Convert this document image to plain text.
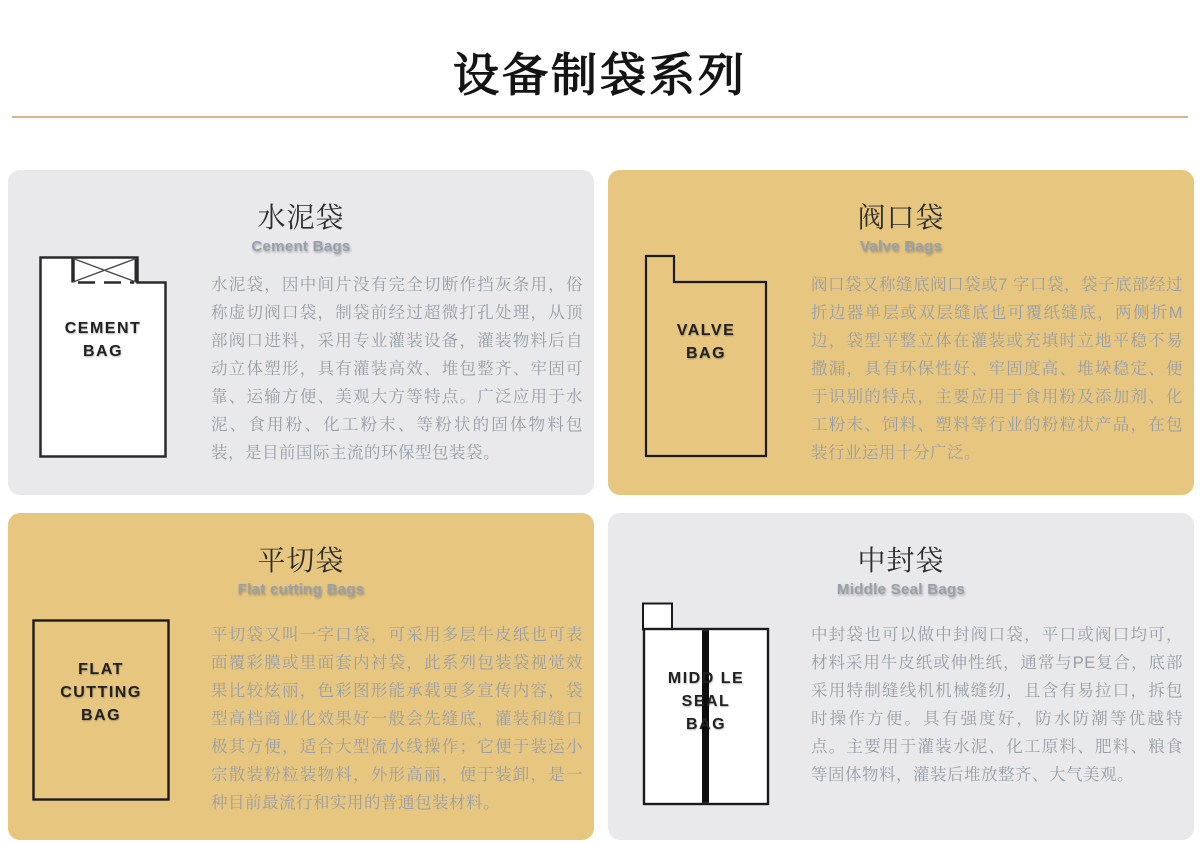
设备制袋系列
水泥袋
Cement Bags
CEMENT
BAG

水泥袋，因中间片没有完全切断作挡灰条用，俗称虚切阀口袋，制袋前经过超微打孔处理，从顶部阀口进料，采用专业灌装设备，灌装物料后自动立体塑形，具有灌装高效、堆包整齐、牢固可靠、运输方便、美观大方等特点。广泛应用于水泥、食用粉、化工粉末、等粉状的固体物料包装，是目前国际主流的环保型包装袋。

阀口袋
Valve Bags
VALVE
BAG

阀口袋又称缝底阀口袋或7 字口袋，袋子底部经过折边器单层或双层缝底也可覆纸缝底，两侧折M边，袋型平整立体在灌装或充填时立地平稳不易撒漏，具有环保性好、牢固度高、堆垛稳定、便于识别的特点，主要应用于食用粉及添加剂、化工粉末、饲料、塑料等行业的粉粒状产品，在包装行业运用十分广泛。

平切袋
Flat cutting Bags
FLAT
CUTTING
BAG

平切袋又叫一字口袋，可采用多层牛皮纸也可表面覆彩膜或里面套内衬袋，此系列包装袋视觉效果比较炫丽，色彩图形能承载更多宣传内容，袋型高档商业化效果好一般会先缝底，灌装和缝口极其方便，适合大型流水线操作；它便于装运小宗散装粉粒装物料，外形高丽，便于装卸，是一种目前最流行和实用的普通包装材料。

中封袋
Middle Seal Bags
MIDD LE
SEAL
BAG

中封袋也可以做中封阀口袋，平口或阀口均可，材料采用牛皮纸或伸性纸，通常与PE复合，底部采用特制缝线机机械缝纫，且含有易拉口，拆包时操作方便。具有强度好，防水防潮等优越特点。主要用于灌装水泥、化工原料、肥料、粮食等固体物料，灌装后堆放整齐、大气美观。
